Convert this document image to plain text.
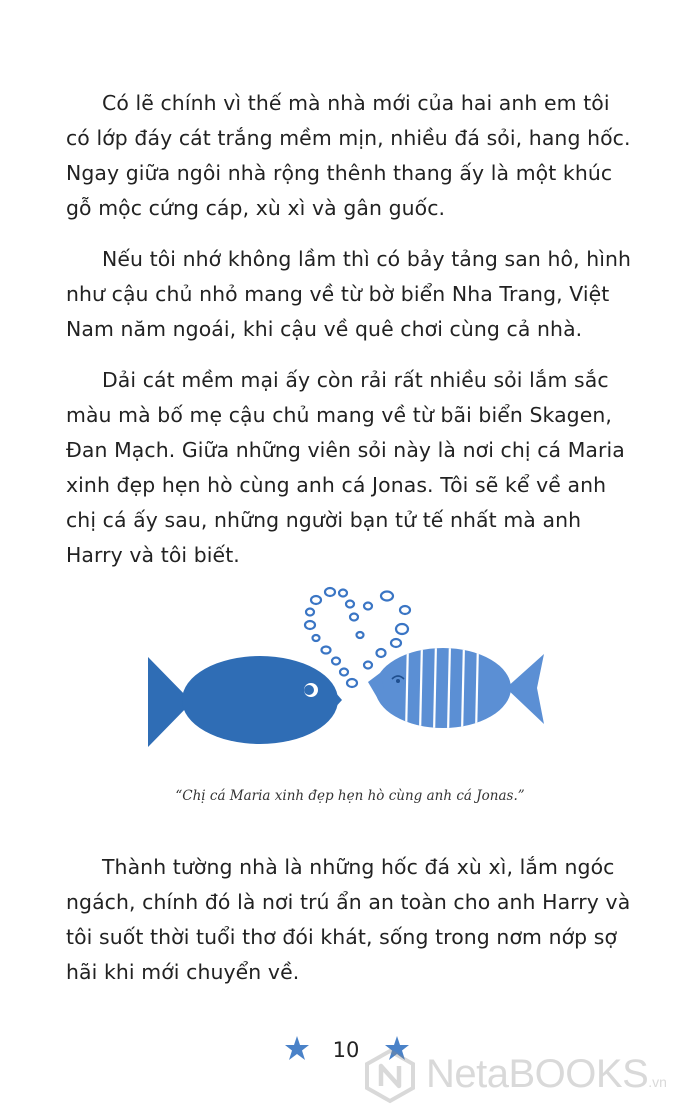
Có lẽ chính vì thế mà nhà mới của hai anh em tôi có lớp đáy cát trắng mềm mịn, nhiều đá sỏi, hang hốc. Ngay giữa ngôi nhà rộng thênh thang ấy là một khúc gỗ mộc cứng cáp, xù xì và gân guốc.

Nếu tôi nhớ không lầm thì có bảy tảng san hô, hình như cậu chủ nhỏ mang về từ bờ biển Nha Trang, Việt Nam năm ngoái, khi cậu về quê chơi cùng cả nhà.

Dải cát mềm mại ấy còn rải rất nhiều sỏi lắm sắc màu mà bố mẹ cậu chủ mang về từ bãi biển Skagen, Đan Mạch. Giữa những viên sỏi này là nơi chị cá Maria xinh đẹp hẹn hò cùng anh cá Jonas. Tôi sẽ kể về anh chị cá ấy sau, những người bạn tử tế nhất mà anh Harry và tôi biết.

“Chị cá Maria xinh đẹp hẹn hò cùng anh cá Jonas.”

Thành tường nhà là những hốc đá xù xì, lắm ngóc ngách, chính đó là nơi trú ẩn an toàn cho anh Harry và tôi suốt thời tuổi thơ đói khát, sống trong nơm nớp sợ hãi khi mới chuyển về.

10
NetaBOOKS.vn
